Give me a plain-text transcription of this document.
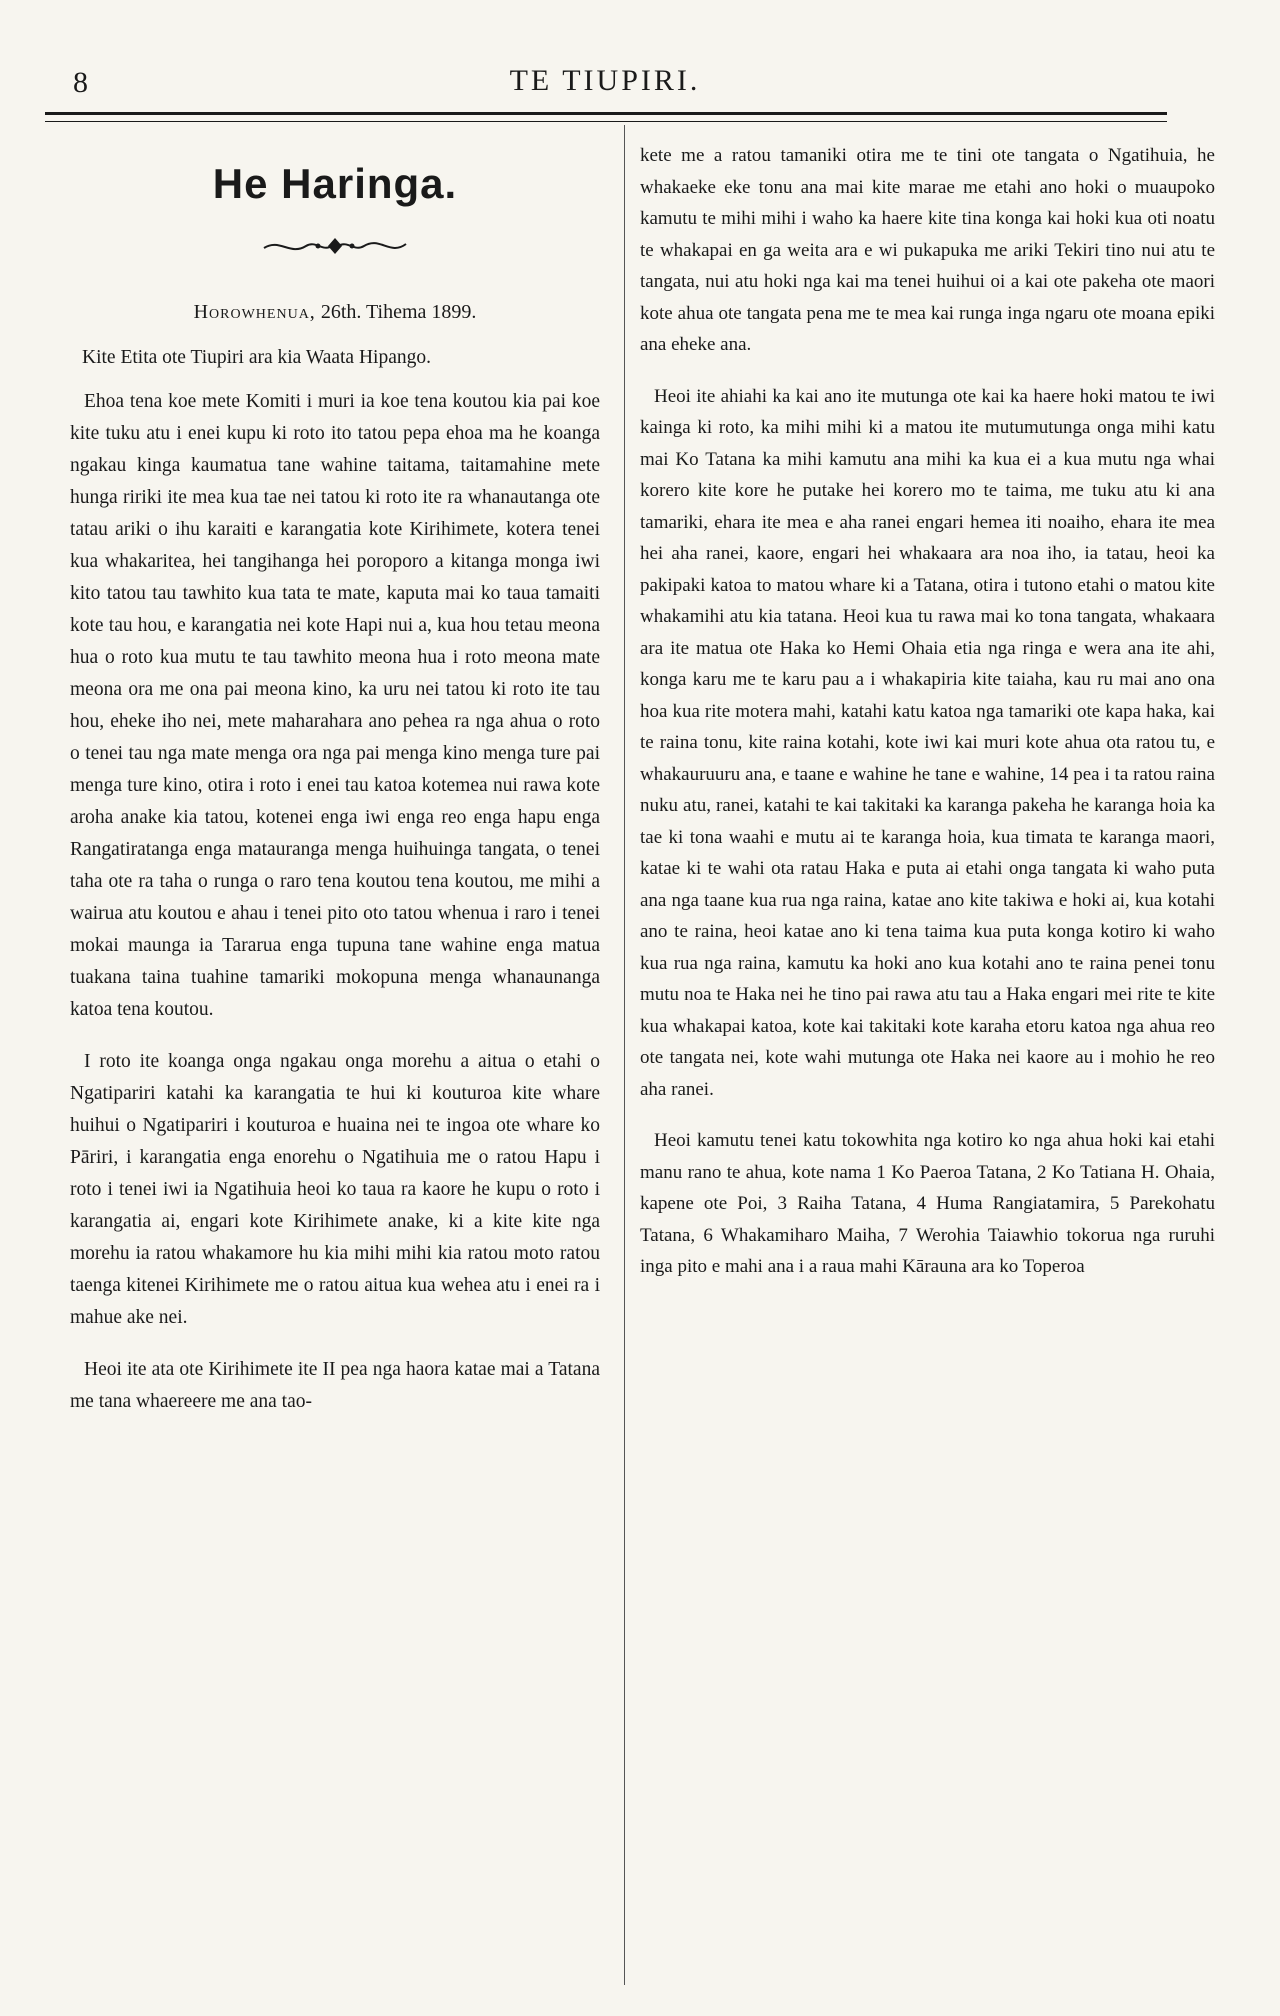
8	TE TIUPIRI.
He Haringa.
Horowhenua, 26th. Tihema 1899.

Kite Etita ote Tiupiri ara kia Waata Hipango.

Ehoa tena koe mete Komiti i muri ia koe tena koutou kia pai koe kite tuku atu i enei kupu ki roto ito tatou pepa ehoa ma he koanga ngakau kinga kaumatua tane wahine taitama, taitamahine mete hunga ririki ite mea kua tae nei tatou ki roto ite ra whanautanga ote tatau ariki o ihu karaiti e karangatia kote Kirihimete, kotera tenei kua whakaritea, hei tangihanga hei poroporo a kitanga monga iwi kito tatou tau tawhito kua tata te mate, kaputa mai ko taua tamaiti kote tau hou, e karangatia nei kote Hapi nui a, kua hou tetau meona hua o roto kua mutu te tau tawhito meona hua i roto meona mate meona ora me ona pai meona kino, ka uru nei tatou ki roto ite tau hou, eheke iho nei, mete maharahara ano pehea ra nga ahua o roto o tenei tau nga mate menga ora nga pai menga kino menga ture pai menga ture kino, otira i roto i enei tau katoa kotemea nui rawa kote aroha anake kia tatou, kotenei enga iwi enga reo enga hapu enga Rangatiratanga enga matauranga menga huihuinga tangata, o tenei taha ote ra taha o runga o raro tena koutou tena koutou, me mihi a wairua atu koutou e ahau i tenei pito oto tatou whenua i raro i tenei mokai maunga ia Tararua enga tupuna tane wahine enga matua tuakana taina tuahine tamariki mokopuna menga whanaunanga katoa tena koutou.

I roto ite koanga onga ngakau onga morehu a aitua o etahi o Ngatipariri katahi ka karangatia te hui ki kouturoa kite whare huihui o Ngatipariri i kouturoa e huaina nei te ingoa ote whare ko Pāriri, i karangatia enga enorehu o Ngatihuia me o ratou Hapu i roto i tenei iwi ia Ngatihuia heoi ko taua ra kaore he kupu o roto i karangatia ai, engari kote Kirihimete anake, ki a kite kite nga morehu ia ratou whakamore hu kia mihi mihi kia ratou moto ratou taenga kitenei Kirihimete me o ratou aitua kua wehea atu i enei ra i mahue ake nei.

Heoi ite ata ote Kirihimete ite II pea nga haora katae mai a Tatana me tana whaereere me ana tao-

kete me a ratou tamaniki otira me te tini ote tangata o Ngatihuia, he whakaeke eke tonu ana mai kite marae me etahi ano hoki o muaupoko kamutu te mihi mihi i waho ka haere kite tina konga kai hoki kua oti noatu te whakapai en ga weita ara e wi pukapuka me ariki Tekiri tino nui atu te tangata, nui atu hoki nga kai ma tenei huihui oi a kai ote pakeha ote maori kote ahua ote tangata pena me te mea kai runga inga ngaru ote moana epiki ana eheke ana.

Heoi ite ahiahi ka kai ano ite mutunga ote kai ka haere hoki matou te iwi kainga ki roto, ka mihi mihi ki a matou ite mutumutunga onga mihi katu mai Ko Tatana ka mihi kamutu ana mihi ka kua ei a kua mutu nga whai korero kite kore he putake hei korero mo te taima, me tuku atu ki ana tamariki, ehara ite mea e aha ranei engari hemea iti noaiho, ehara ite mea hei aha ranei, kaore, engari hei whakaara ara noa iho, ia tatau, heoi ka pakipaki katoa to matou whare ki a Tatana, otira i tutono etahi o matou kite whakamihi atu kia tatana. Heoi kua tu rawa mai ko tona tangata, whakaara ara ite matua ote Haka ko Hemi Ohaia etia nga ringa e wera ana ite ahi, konga karu me te karu pau a i whakapiria kite taiaha, kau ru mai ano ona hoa kua rite motera mahi, katahi katu katoa nga tamariki ote kapa haka, kai te raina tonu, kite raina kotahi, kote iwi kai muri kote ahua ota ratou tu, e whakauruuru ana, e taane e wahine he tane e wahine, 14 pea i ta ratou raina nuku atu, ranei, katahi te kai takitaki ka karanga pakeha he karanga hoia ka tae ki tona waahi e mutu ai te karanga hoia, kua timata te karanga maori, katae ki te wahi ota ratau Haka e puta ai etahi onga tangata ki waho puta ana nga taane kua rua nga raina, katae ano kite takiwa e hoki ai, kua kotahi ano te raina, heoi katae ano ki tena taima kua puta konga kotiro ki waho kua rua nga raina, kamutu ka hoki ano kua kotahi ano te raina penei tonu mutu noa te Haka nei he tino pai rawa atu tau a Haka engari mei rite te kite kua whakapai katoa, kote kai takitaki kote karaha etoru katoa nga ahua reo ote tangata nei, kote wahi mutunga ote Haka nei kaore au i mohio he reo aha ranei.

Heoi kamutu tenei katu tokowhita nga kotiro ko nga ahua hoki kai etahi manu rano te ahua, kote nama 1 Ko Paeroa Tatana, 2 Ko Tatiana H. Ohaia, kapene ote Poi, 3 Raiha Tatana, 4 Huma Rangiatamira, 5 Parekohatu Tatana, 6 Whakamiharo Maiha, 7 Werohia Taiawhio tokorua nga ruruhi inga pito e mahi ana i a raua mahi Kārauna ara ko Toperoa
